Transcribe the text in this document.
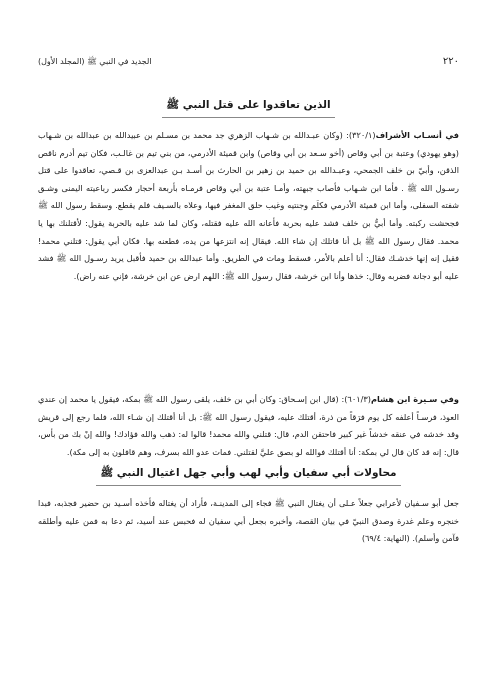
٢٢٠
الجديد في النبي ﷺ (المجلد الأول)
الذين تعاقدوا على قتل النبي ﷺ

في أنسـاب الأشراف(٣٢٠/١): (وكان عبـدالله بن شـهاب الزهري جد محمد بن مسـلم بن عبيدالله بن عبدالله بن شـهاب (وهو يهودي) وعتبة بن أبي وقاص (أخو سـعد بن أبي وقاص) وابن قميئة الأدرمي، من بني تيم بن غالـب، فكان تيم أدرم ناقص الذقن، وأبيّ بن خلف الجمحي، وعبـدالله بن حميد بن زهير بن الحارث بن أسـد بـن عبدالعزى بن قـصي، تعاقدوا على قتل رسـول الله ﷺ . فأما ابن شـهاب فأصاب جبهته، وأمـا عتبة بن أبي وقاص فرمـاه بأربعة أحجار فكسر رباعيته اليمنى وشـق شفته السفلى، وأما ابن قميئة الأدرمي فكلَم وجنتيه وغيب حلق المغفر فيها، وعلاه بالسـيف فلم يقطع. وسقط رسول الله ﷺ فجحشت ركبته. وأما أبيُّ بن خلف فشد عليه بحربة فأعانه الله عليه فقتله، وكان لما شد عليه بالحربة يقول: لأقتلنك بها يا محمد. فقال رسول الله ﷺ بل أنا قاتلك إن شاء الله. فيقال إنه انتزعها من يده، فطعنه بها. فكان أبي يقول: قتلني محمد! فقيل إنه إنها خدشـك فقال: أنا أعلم بالأمر، فسقط ومات في الطريق. وأما عبدالله بن حميد فأقبل يريد رسـول الله ﷺ فشد عليه أبو دجانة فضربه وقال: خذها وأنا ابن خرشة، فقال رسول الله ﷺ: اللهم ارض عن ابن خرشة، فإني عنه راض).

وفي سـيرة ابن هشام(٦٠١/٣): (قال ابن إسـحاق: وكان أبي بن خلف، يلقى رسول الله ﷺ بمكة، فيقول يا محمد إن عندي العوذ، فرسـاً أعلفه كل يوم فرَقاً من ذرة، أقتلك عليه، فيقول رسول الله ﷺ: بل أنا أقتلك إن شـاء الله، فلما رجع إلى قريش وقد خدشه في عنقه خدشاً غير كبير فاحتقن الدم، قال: قتلني والله محمد! قالوا له: ذهب والله فؤادك! والله إنْ بك من بأس، قال: إنه قد كان قال لي بمكة: أنا أقتلك فوالله لو بصق عليَّ لقتلني. فمات عدو الله بسرف، وهم قافلون به إلى مكة).

محاولات أبي سفيان وأبي لهب وأبي جهل اغتيال النبي ﷺ

جعل أبو سـفيان لأعرابي جعلاً عـلى أن يغتال النبي ﷺ فجاء إلى المدينـة، فأراد أن يغتاله فأخذه أسـيد بن حضير فجذبه، فبدا خنجره وعلم غدرة وصدق النبيّ في بيان القصة، وأخبره بجعل أبي سفيان له فحبس عند أسيد، ثم دعا به فمن عليه وأطلقه فآمن وأسلم). (النهاية: ٦٩/٤)
